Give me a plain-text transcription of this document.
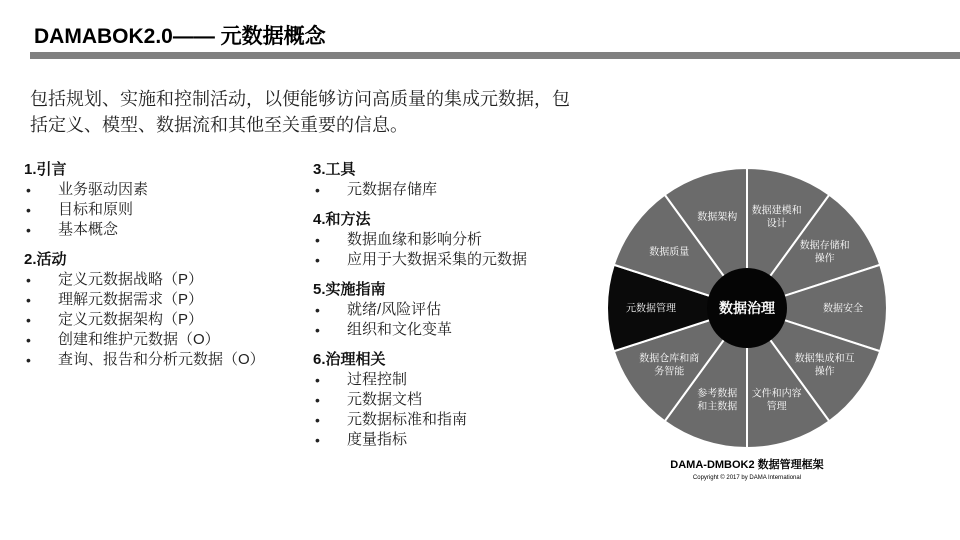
DAMABOK2.0—— 元数据概念
包括规划、实施和控制活动，以便能够访问高质量的集成元数据，包括定义、模型、数据流和其他至关重要的信息。
1.引言
• 业务驱动因素
• 目标和原则
• 基本概念
2.活动
• 定义元数据战略（P）
• 理解元数据需求（P）
• 定义元数据架构（P）
• 创建和维护元数据（O）
• 查询、报告和分析元数据（O）
3.工具
• 元数据存储库
4.和方法
• 数据血缘和影响分析
• 应用于大数据采集的元数据
5.实施指南
• 就绪/风险评估
• 组织和文化变革
6.治理相关
• 过程控制
• 元数据文档
• 元数据标准和指南
• 度量指标
数据架构
数据建模和设计
数据存储和操作
数据安全
数据集成和互操作
文件和内容管理
参考数据和主数据
数据仓库和商务智能
元数据管理
数据质量
数据治理
DAMA-DMBOK2 数据管理框架
Copyright © 2017 by DAMA International
